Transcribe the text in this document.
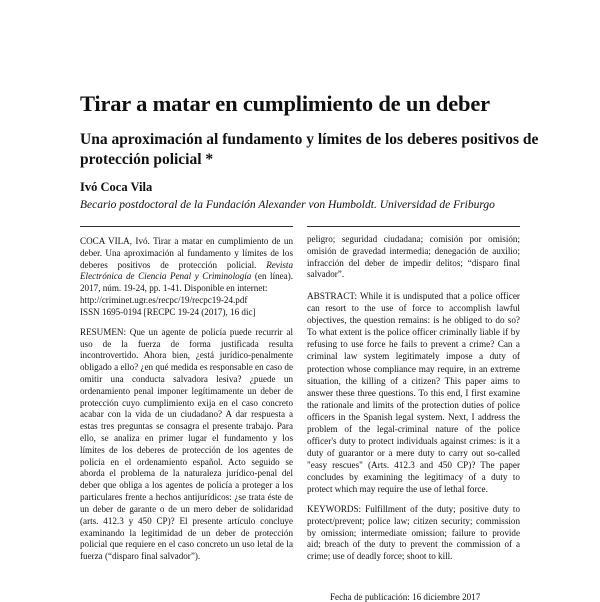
Tirar a matar en cumplimiento de un deber
Una aproximación al fundamento y límites de los deberes positivos de protección policial *
Ivó Coca Vila
Becario postdoctoral de la Fundación Alexander von Humboldt. Universidad de Friburgo

COCA VILA, Ivó. Tirar a matar en cumplimiento de un deber. Una aproximación al fundamento y límites de los deberes positivos de protección policial. Revista Electrónica de Ciencia Penal y Criminología (en línea). 2017, núm. 19-24, pp. 1-41. Disponible en internet:
http://criminet.ugr.es/recpc/19/recpc19-24.pdf
ISSN 1695-0194 [RECPC 19-24 (2017), 16 dic]

RESUMEN: Que un agente de policía puede recurrir al uso de la fuerza de forma justificada resulta incontrovertido. Ahora bien, ¿está jurídico-penalmente obligado a ello? ¿en qué medida es responsable en caso de omitir una conducta salvadora lesiva? ¿puede un ordenamiento penal imponer legítimamente un deber de protección cuyo cumplimiento exija en el caso concreto acabar con la vida de un ciudadano? A dar respuesta a estas tres preguntas se consagra el presente trabajo. Para ello, se analiza en primer lugar el fundamento y los límites de los deberes de protección de los agentes de policía en el ordenamiento español. Acto seguido se aborda el problema de la naturaleza jurídico-penal del deber que obliga a los agentes de policía a proteger a los particulares frente a hechos antijurídicos: ¿se trata éste de un deber de garante o de un mero deber de solidaridad (arts. 412.3 y 450 CP)? El presente artículo concluye examinando la legitimidad de un deber de protección policial que requiere en el caso concreto un uso letal de la fuerza (“disparo final salvador”).

peligro; seguridad ciudadana; comisión por omisión; omisión de gravedad intermedia; denegación de auxilio; infracción del deber de impedir delitos; “disparo final salvador”.

ABSTRACT: While it is undisputed that a police officer can resort to the use of force to accomplish lawful objectives, the question remains: is he obliged to do so? To what extent is the police officer criminally liable if by refusing to use force he fails to prevent a crime? Can a criminal law system legitimately impose a duty of protection whose compliance may require, in an extreme situation, the killing of a citizen? This paper aims to answer these three questions. To this end, I first examine the rationale and limits of the protection duties of police officers in the Spanish legal system. Next, I address the problem of the legal-criminal nature of the police officer's duty to protect individuals against crimes: is it a duty of guarantor or a mere duty to carry out so-called "easy rescues" (Arts. 412.3 and 450 CP)? The paper concludes by examining the legitimacy of a duty to protect which may require the use of lethal force.

KEYWORDS: Fulfillment of the duty; positive duty to protect/prevent; police law; citizen security; commission by omission; intermediate omission; failure to provide aid; breach of the duty to prevent the commission of a crime; use of deadly force; shoot to kill.

Fecha de publicación: 16 diciembre 2017
